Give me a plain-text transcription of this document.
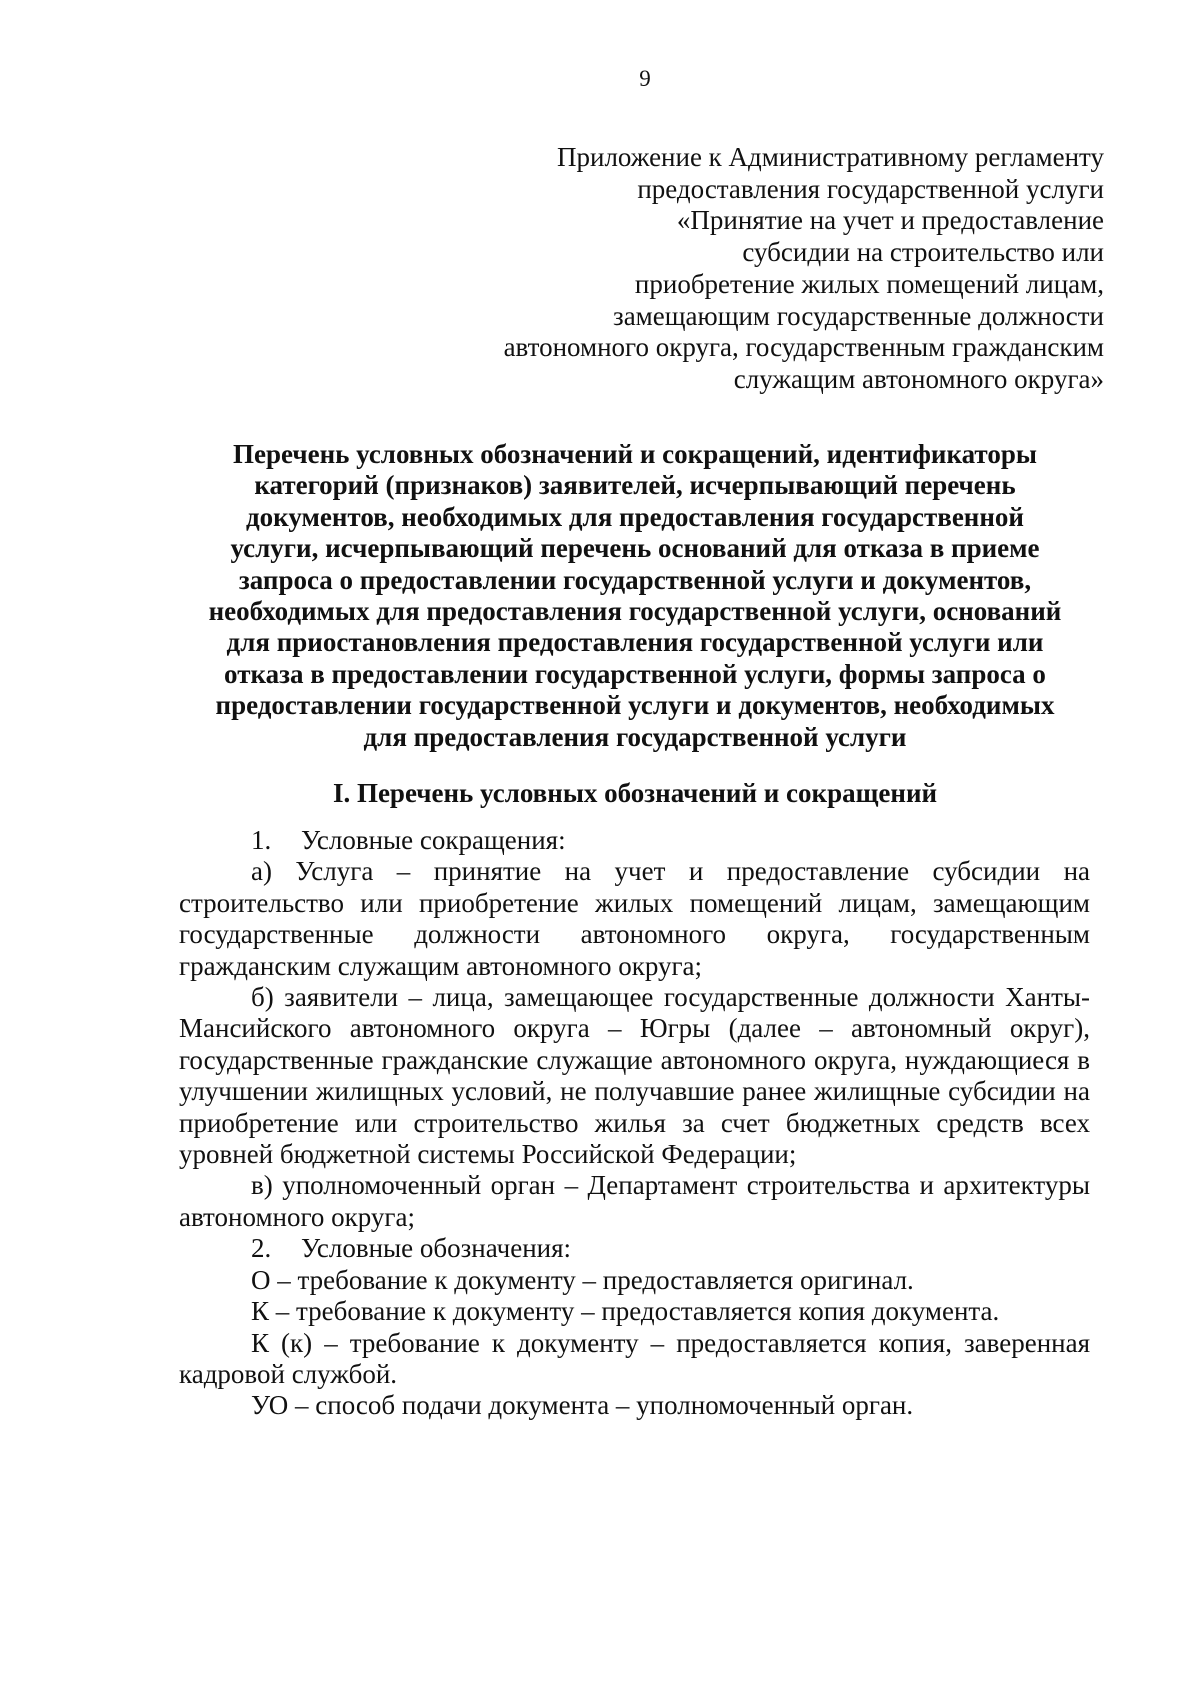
9
Приложение к Административному регламенту
предоставления государственной услуги
«Принятие на учет и предоставление
субсидии на строительство или
приобретение жилых помещений лицам,
замещающим государственные должности
автономного округа, государственным гражданским
служащим автономного округа»
Перечень условных обозначений и сокращений, идентификаторы
категорий (признаков) заявителей, исчерпывающий перечень
документов, необходимых для предоставления государственной
услуги, исчерпывающий перечень оснований для отказа в приеме
запроса о предоставлении государственной услуги и документов,
необходимых для предоставления государственной услуги, оснований
для приостановления предоставления государственной услуги или
отказа в предоставлении государственной услуги, формы запроса о
предоставлении государственной услуги и документов, необходимых
для предоставления государственной услуги
I. Перечень условных обозначений и сокращений

1. Условные сокращения:

а) Услуга – принятие на учет и предоставление субсидии на строительство или приобретение жилых помещений лицам, замещающим государственные должности автономного округа, государственным гражданским служащим автономного округа;

б) заявители – лица, замещающее государственные должности Ханты-Мансийского автономного округа – Югры (далее – автономный округ), государственные гражданские служащие автономного округа, нуждающиеся в улучшении жилищных условий, не получавшие ранее жилищные субсидии на приобретение или строительство жилья за счет бюджетных средств всех уровней бюджетной системы Российской Федерации;

в) уполномоченный орган – Департамент строительства и архитектуры автономного округа;

2. Условные обозначения:

О – требование к документу – предоставляется оригинал.

К – требование к документу – предоставляется копия документа.

К (к) – требование к документу – предоставляется копия, заверенная кадровой службой.

УО – способ подачи документа – уполномоченный орган.
